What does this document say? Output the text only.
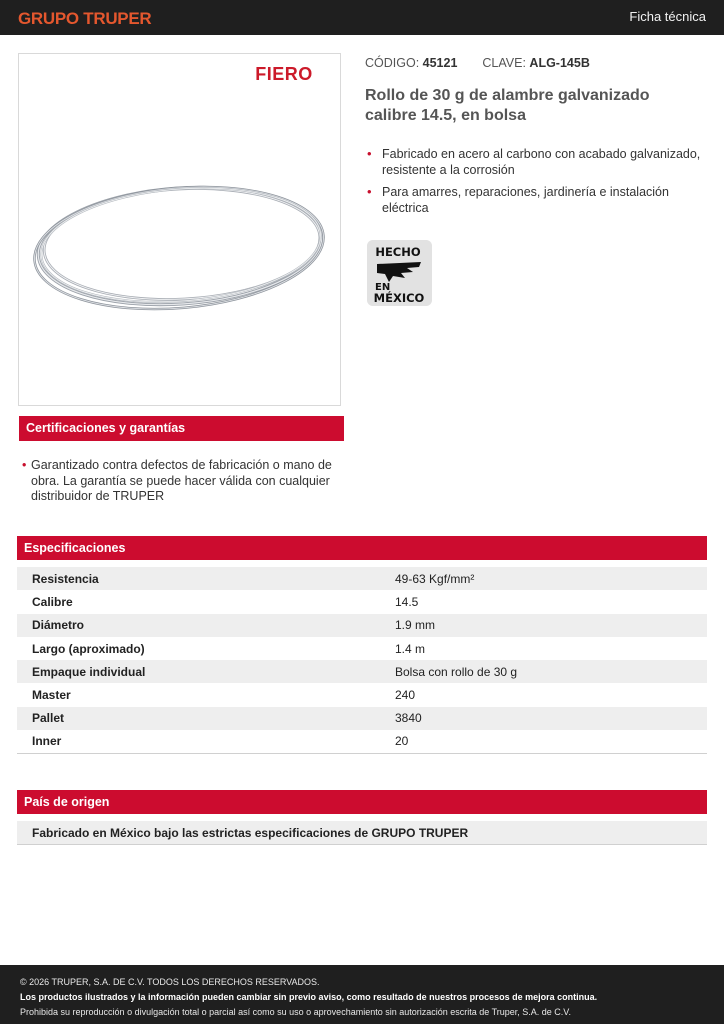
GRUPO TRUPER	Ficha técnica
FIERO
CÓDIGO: 45121 CLAVE: ALG-145B
Rollo de 30 g de alambre galvanizado calibre 14.5, en bolsa
• Fabricado en acero al carbono con acabado galvanizado, resistente a la corrosión
• Para amarres, reparaciones, jardinería e instalación eléctrica
HECHO
EN
MÉXICO
Certificaciones y garantías

• Garantizado contra defectos de fabricación o mano de obra. La garantía se puede hacer válida con cualquier distribuidor de TRUPER

Especificaciones
Resistencia	49-63 Kgf/mm²
Calibre	14.5
Diámetro	1.9 mm
Largo (aproximado)	1.4 m
Empaque individual	Bolsa con rollo de 30 g
Master	240
Pallet	3840
Inner	20
País de origen
Fabricado en México bajo las estrictas especificaciones de GRUPO TRUPER
© 2026 TRUPER, S.A. DE C.V. TODOS LOS DERECHOS RESERVADOS.
Los productos ilustrados y la información pueden cambiar sin previo aviso, como resultado de nuestros procesos de mejora continua.
Prohibida su reproducción o divulgación total o parcial así como su uso o aprovechamiento sin autorización escrita de Truper, S.A. de C.V.
